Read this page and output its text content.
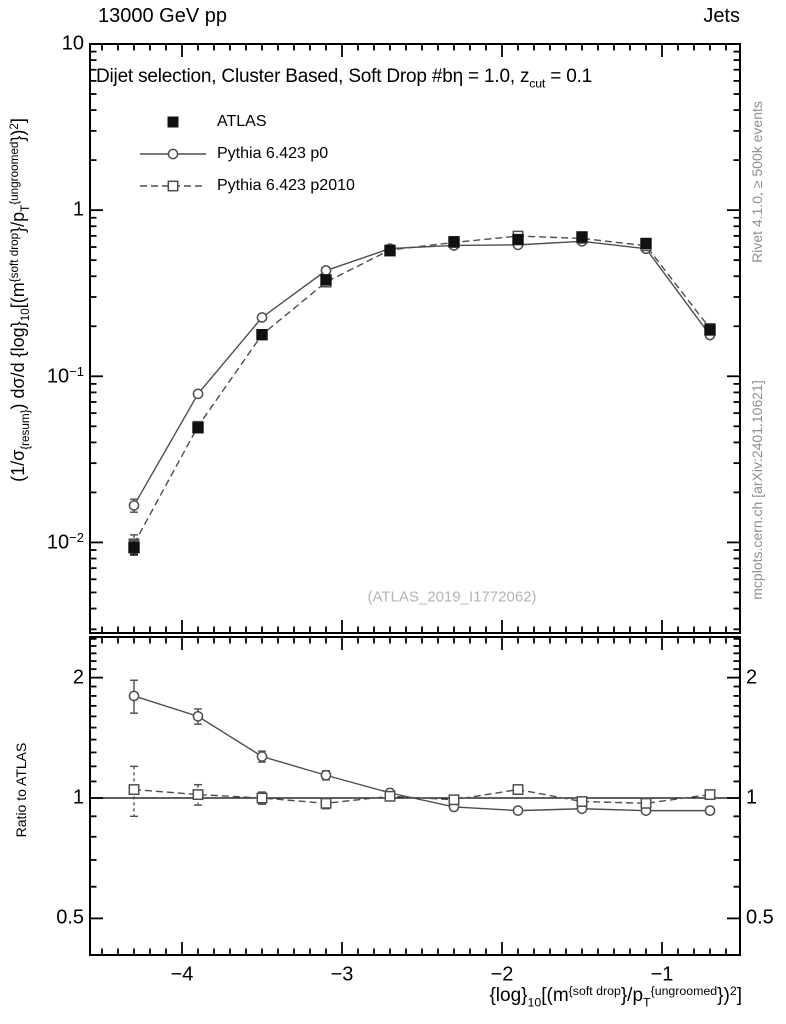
13000 GeV pp	Jets
Dijet selection, Cluster Based, Soft Drop #bη = 1.0, $z_{cut} = 0.1$
ATLAS
Pythia 6.423 p0
Pythia 6.423 p2010
(ATLAS_2019_I1772062)
Rivet 4.1.0, ≥ 500k events
mcplots.cern.ch [arXiv:2401.10621]
$(1/\sigma_{\{resum\}})$ dσ/d $\{\log\}_{10}[(m^{\{soft drop}\}/p_T^{\{ungroomed}\})^2$]
Ratio to ATLAS
$\{\log\}_{10}[(m^{\{soft drop}\}/p_T^{\{ungroomed}\})^2$]
−4	−3	−2	−1
10
1
$10^{-1}$
$10^{-2}$
2	2
1	1
0.5	0.5
